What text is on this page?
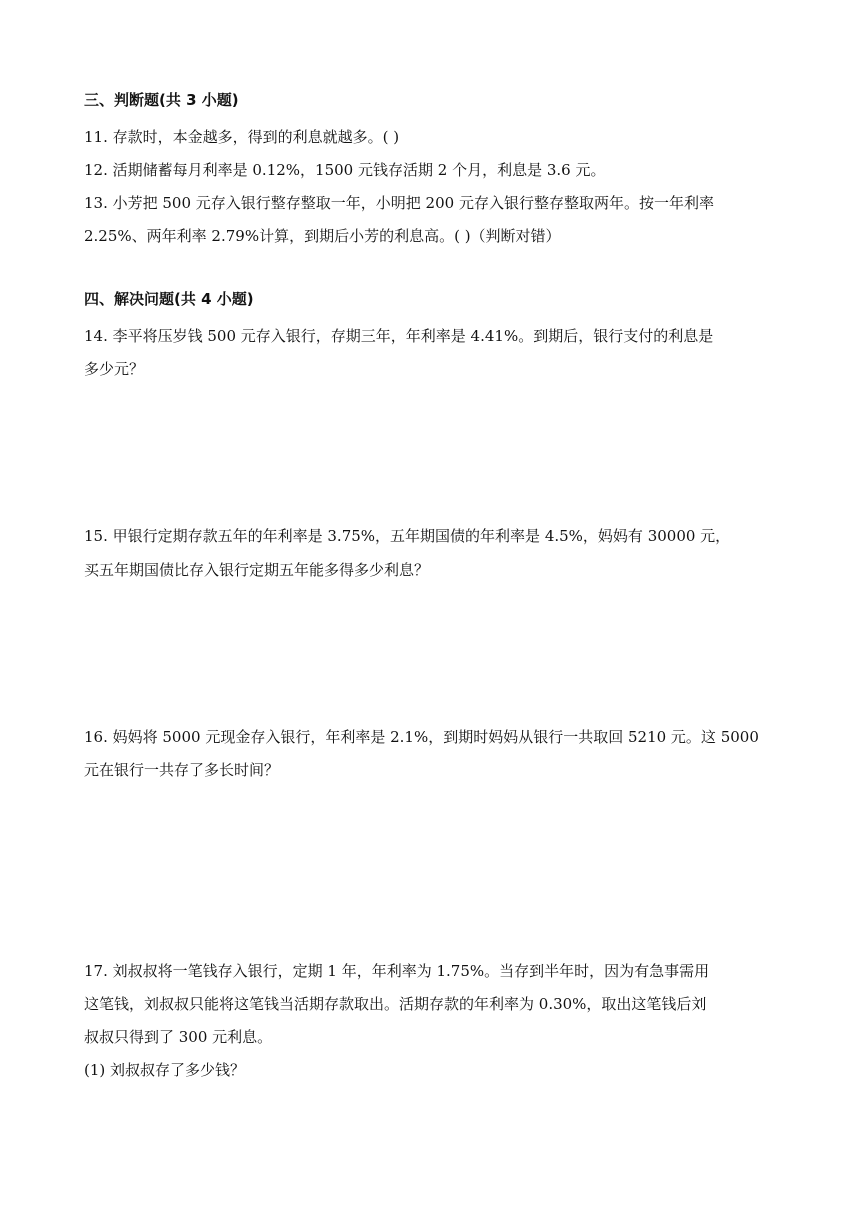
三、判断题(共 3 小题)
11. 存款时，本金越多，得到的利息就越多。( )
12. 活期储蓄每月利率是 0.12%，1500 元钱存活期 2 个月，利息是 3.6 元。
13. 小芳把 500 元存入银行整存整取一年，小明把 200 元存入银行整存整取两年。按一年利率
2.25%、两年利率 2.79%计算，到期后小芳的利息高。( )（判断对错）
四、解决问题(共 4 小题)
14. 李平将压岁钱 500 元存入银行，存期三年，年利率是 4.41%。到期后，银行支付的利息是
多少元？
15. 甲银行定期存款五年的年利率是 3.75%，五年期国债的年利率是 4.5%，妈妈有 30000 元，
买五年期国债比存入银行定期五年能多得多少利息？
16. 妈妈将 5000 元现金存入银行，年利率是 2.1%，到期时妈妈从银行一共取回 5210 元。这 5000
元在银行一共存了多长时间？
17. 刘叔叔将一笔钱存入银行，定期 1 年，年利率为 1.75%。当存到半年时，因为有急事需用
这笔钱，刘叔叔只能将这笔钱当活期存款取出。活期存款的年利率为 0.30%，取出这笔钱后刘
叔叔只得到了 300 元利息。
(1) 刘叔叔存了多少钱？
